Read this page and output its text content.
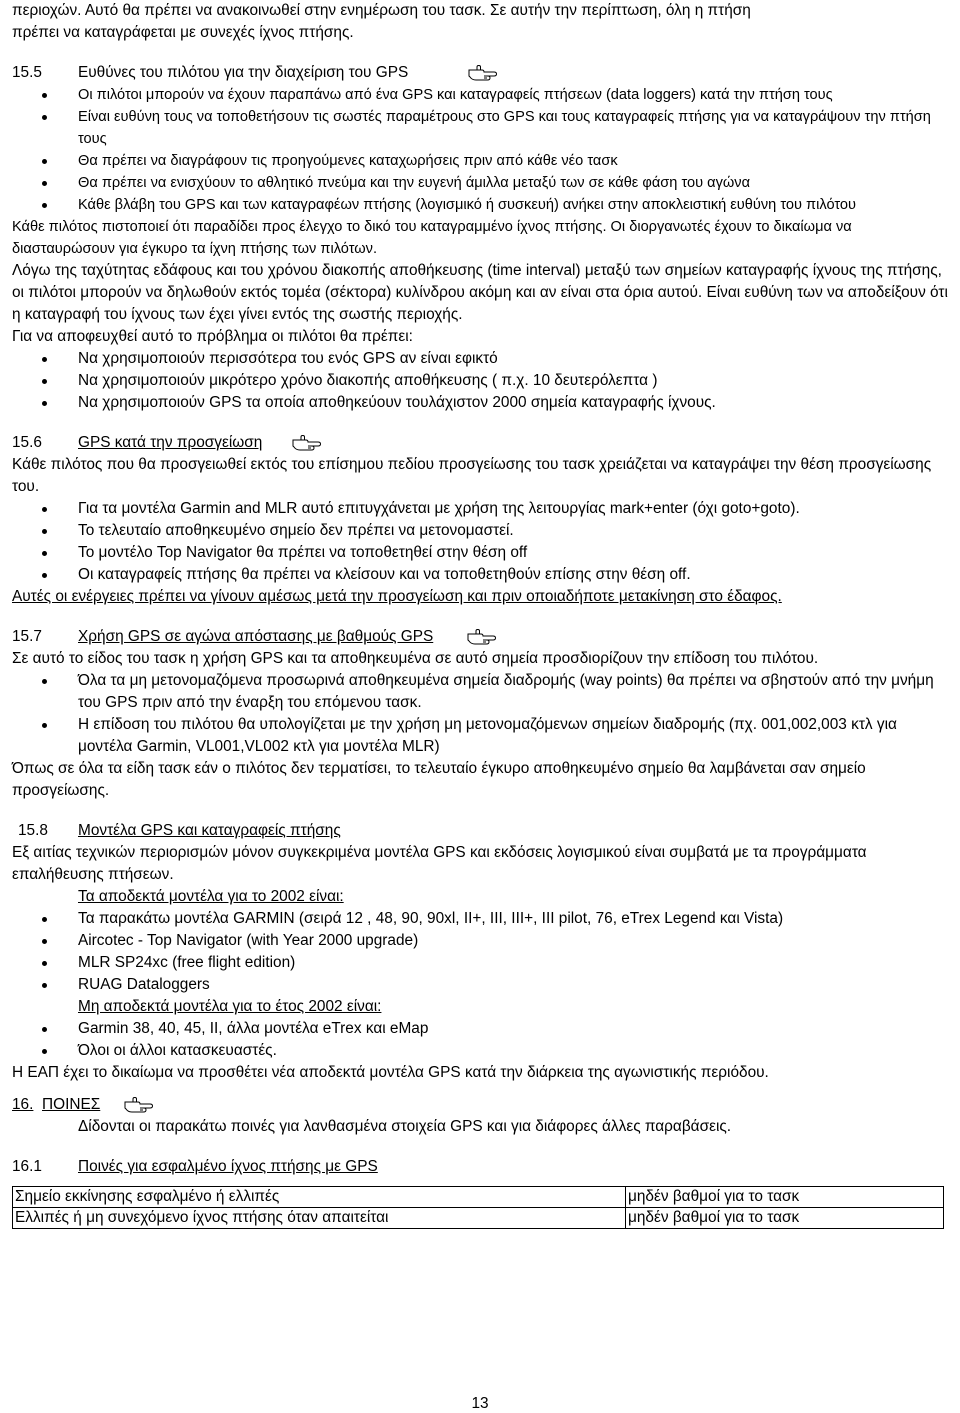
περιοχών. Αυτό θα πρέπει να ανακοινωθεί στην ενημέρωση του τασκ. Σε αυτήν την περίπτωση, όλη η πτήση

πρέπει να καταγράφεται με συνεχές ίχνος πτήσης.

15.5	Ευθύνες του πιλότου για την διαχείριση του GPS
Οι πιλότοι μπορούν να έχουν παραπάνω από ένα GPS και καταγραφείς πτήσεων (data loggers) κατά την πτήση τους
Είναι ευθύνη τους να τοποθετήσουν τις σωστές παραμέτρους στο GPS και τους καταγραφείς πτήσης για να καταγράψουν την πτήση τους
Θα πρέπει να διαγράφουν τις προηγούμενες καταχωρήσεις πριν από κάθε νέο τασκ
Θα πρέπει να ενισχύουν το αθλητικό πνεύμα και την ευγενή άμιλλα μεταξύ των σε κάθε φάση του αγώνα
Κάθε βλάβη του GPS και των καταγραφέων πτήσης (λογισμικό ή συσκευή) ανήκει στην αποκλειστική ευθύνη του πιλότου

Κάθε πιλότος πιστοποιεί ότι παραδίδει προς έλεγχο το δικό του καταγραμμένο ίχνος πτήσης. Οι διοργανωτές έχουν το δικαίωμα να διασταυρώσουν για έγκυρο τα ίχνη πτήσης των πιλότων.

Λόγω της ταχύτητας εδάφους και του χρόνου διακοπής αποθήκευσης (time interval) μεταξύ των σημείων καταγραφής ίχνους της πτήσης, οι πιλότοι μπορούν να δηλωθούν εκτός τομέα (σέκτορα) κυλίνδρου ακόμη και αν είναι στα όρια αυτού. Είναι ευθύνη των να αποδείξουν ότι η καταγραφή του ίχνους των έχει γίνει εντός της σωστής περιοχής.

Για να αποφευχθεί αυτό το πρόβλημα οι πιλότοι θα πρέπει:

Να χρησιμοποιούν περισσότερα του ενός GPS αν είναι εφικτό
Να χρησιμοποιούν μικρότερο χρόνο διακοπής αποθήκευσης ( π.χ. 10 δευτερόλεπτα )
Να χρησιμοποιούν GPS τα οποία αποθηκεύουν τουλάχιστον 2000 σημεία καταγραφής ίχνους.
15.6	GPS κατά την προσγείωση

Κάθε πιλότος που θα προσγειωθεί εκτός του επίσημου πεδίου προσγείωσης του τασκ χρειάζεται να καταγράψει την θέση προσγείωσης του.

Για τα μοντέλα Garmin and MLR αυτό επιτυγχάνεται με χρήση της λειτουργίας mark+enter (όχι goto+goto).
Το τελευταίο αποθηκευμένο σημείο δεν πρέπει να μετονομαστεί.
Το μοντέλο Top Navigator θα πρέπει να τοποθετηθεί στην θέση off
Οι καταγραφείς πτήσης θα πρέπει να κλείσουν και να τοποθετηθούν επίσης στην θέση off.

Αυτές οι ενέργειες πρέπει να γίνουν αμέσως μετά την προσγείωση και πριν οποιαδήποτε μετακίνηση στο έδαφος.

15.7	Χρήση GPS σε αγώνα απόστασης με βαθμούς GPS

Σε αυτό το είδος του τασκ η χρήση GPS και τα αποθηκευμένα σε αυτό σημεία προσδιορίζουν την επίδοση του πιλότου.

Όλα τα μη μετονομαζόμενα προσωρινά αποθηκευμένα σημεία διαδρομής (way points) θα πρέπει να σβηστούν από την μνήμη του GPS πριν από την έναρξη του επόμενου τασκ.
Η επίδοση του πιλότου θα υπολογίζεται με την χρήση μη μετονομαζόμενων σημείων διαδρομής (πχ. 001,002,003 κτλ για μοντέλα Garmin, VL001,VL002 κτλ για μοντέλα MLR)

Όπως σε όλα τα είδη τασκ εάν ο πιλότος δεν τερματίσει, το τελευταίο έγκυρο αποθηκευμένο σημείο θα λαμβάνεται σαν σημείο προσγείωσης.

15.8	Μοντέλα GPS και καταγραφείς πτήσης

Εξ αιτίας τεχνικών περιορισμών μόνον συγκεκριμένα μοντέλα GPS και εκδόσεις λογισμικού είναι συμβατά με τα προγράμματα επαλήθευσης πτήσεων.

Τα αποδεκτά μοντέλα για το 2002 είναι:

Τα παρακάτω μοντέλα GARMIN (σειρά 12 , 48, 90, 90xl, II+, III, III+, III pilot, 76, eTrex Legend και Vista)
Aircotec - Top Navigator (with Year 2000 upgrade)
MLR SP24xc (free flight edition)
RUAG Dataloggers

Μη αποδεκτά μοντέλα για το έτος 2002 είναι:

Garmin 38, 40, 45, II, άλλα μοντέλα eTrex και eMap
Όλοι οι άλλοι κατασκευαστές.

Η ΕΑΠ έχει το δικαίωμα να προσθέτει νέα αποδεκτά μοντέλα GPS κατά την διάρκεια της αγωνιστικής περιόδου.

16. ΠΟΙΝΕΣ

Δίδονται οι παρακάτω ποινές για λανθασμένα στοιχεία GPS και για διάφορες άλλες παραβάσεις.

16.1	Ποινές για εσφαλμένο ίχνος πτήσης με GPS
Σημείο εκκίνησης εσφαλμένο ή ελλιπές	μηδέν βαθμοί για το τασκ
Ελλιπές ή μη συνεχόμενο ίχνος πτήσης όταν απαιτείται	μηδέν βαθμοί για το τασκ
13
